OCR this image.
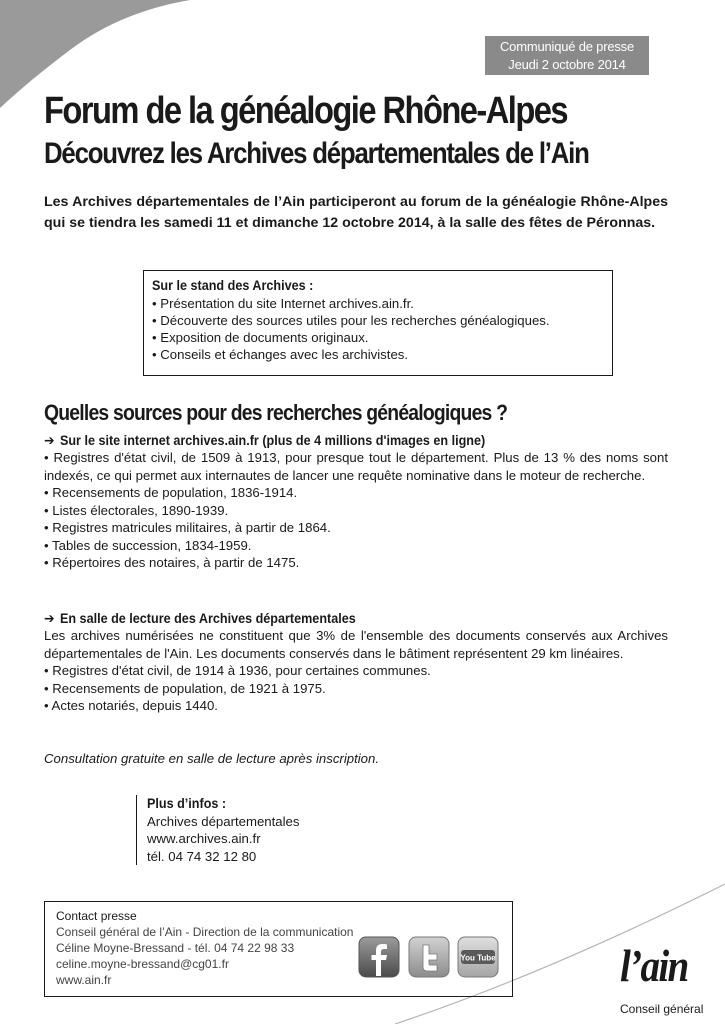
Communiqué de presse
Jeudi 2 octobre 2014
Forum de la généalogie Rhône-Alpes
Découvrez les Archives départementales de l’Ain

Les Archives départementales de l’Ain participeront au forum de la généalogie Rhône-Alpes qui se tiendra les samedi 11 et dimanche 12 octobre 2014, à la salle des fêtes de Péronnas.

Sur le stand des Archives :
• Présentation du site Internet archives.ain.fr.
• Découverte des sources utiles pour les recherches généalogiques.
• Exposition de documents originaux.
• Conseils et échanges avec les archivistes.
Quelles sources pour des recherches généalogiques ?
➔ Sur le site internet archives.ain.fr (plus de 4 millions d'images en ligne)
• Registres d'état civil, de 1509 à 1913, pour presque tout le département. Plus de 13 % des noms sont indexés, ce qui permet aux internautes de lancer une requête nominative dans le moteur de recherche.
• Recensements de population, 1836-1914.
• Listes électorales, 1890-1939.
• Registres matricules militaires, à partir de 1864.
• Tables de succession, 1834-1959.
• Répertoires des notaires, à partir de 1475.
➔ En salle de lecture des Archives départementales

Les archives numérisées ne constituent que 3% de l'ensemble des documents conservés aux Archives départementales de l'Ain. Les documents conservés dans le bâtiment représentent 29 km linéaires.

• Registres d'état civil, de 1914 à 1936, pour certaines communes.
• Recensements de population, de 1921 à 1975.
• Actes notariés, depuis 1440.

Consultation gratuite en salle de lecture après inscription.

Plus d’infos :
Archives départementales
www.archives.ain.fr
tél. 04 74 32 12 80
Contact presse
Conseil général de l’Ain - Direction de la communication
Céline Moyne-Bressand - tél. 04 74 22 98 33
celine.moyne-bressand@cg01.fr
www.ain.fr
You Tube	l’ain
Conseil général
